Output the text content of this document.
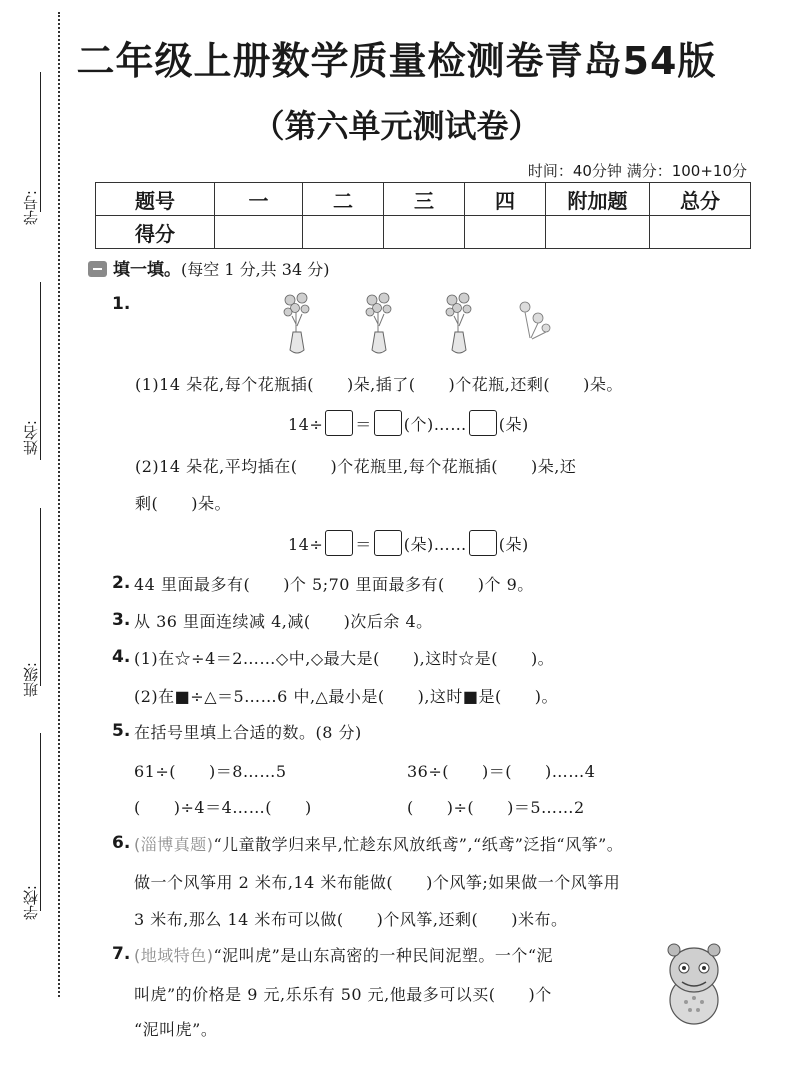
学号:
姓名:
班级:
学校:
二年级上册数学质量检测卷青岛54版
（第六单元测试卷）
时间：40分钟 满分：100+10分
题号	一	二	三	四	附加题	总分
得分						
填一填。(每空 1 分,共 34 分)
1.
(1)14 朵花,每个花瓶插(　　)朵,插了(　　)个花瓶,还剩(　　)朵。
14÷ ＝ (个)…… (朵)
(2)14 朵花,平均插在(　　)个花瓶里,每个花瓶插(　　)朵,还
剩(　　)朵。
14÷ ＝ (朵)…… (朵)
2. 44 里面最多有(　　)个 5;70 里面最多有(　　)个 9。
3. 从 36 里面连续减 4,减(　　)次后余 4。
4. (1)在☆÷4＝2……◇中,◇最大是(　　),这时☆是(　　)。
(2)在■÷△＝5……6 中,△最小是(　　),这时■是(　　)。
5. 在括号里填上合适的数。(8 分)
61÷(　　)＝8……5	36÷(　　)＝(　　)……4
(　　)÷4＝4……(　　)	(　　)÷(　　)＝5……2
6. (淄博真题)“儿童散学归来早,忙趁东风放纸鸢”,“纸鸢”泛指“风筝”。
做一个风筝用 2 米布,14 米布能做(　　)个风筝;如果做一个风筝用
3 米布,那么 14 米布可以做(　　)个风筝,还剩(　　)米布。
7. (地域特色)“泥叫虎”是山东高密的一种民间泥塑。一个“泥
叫虎”的价格是 9 元,乐乐有 50 元,他最多可以买(　　)个
“泥叫虎”。
